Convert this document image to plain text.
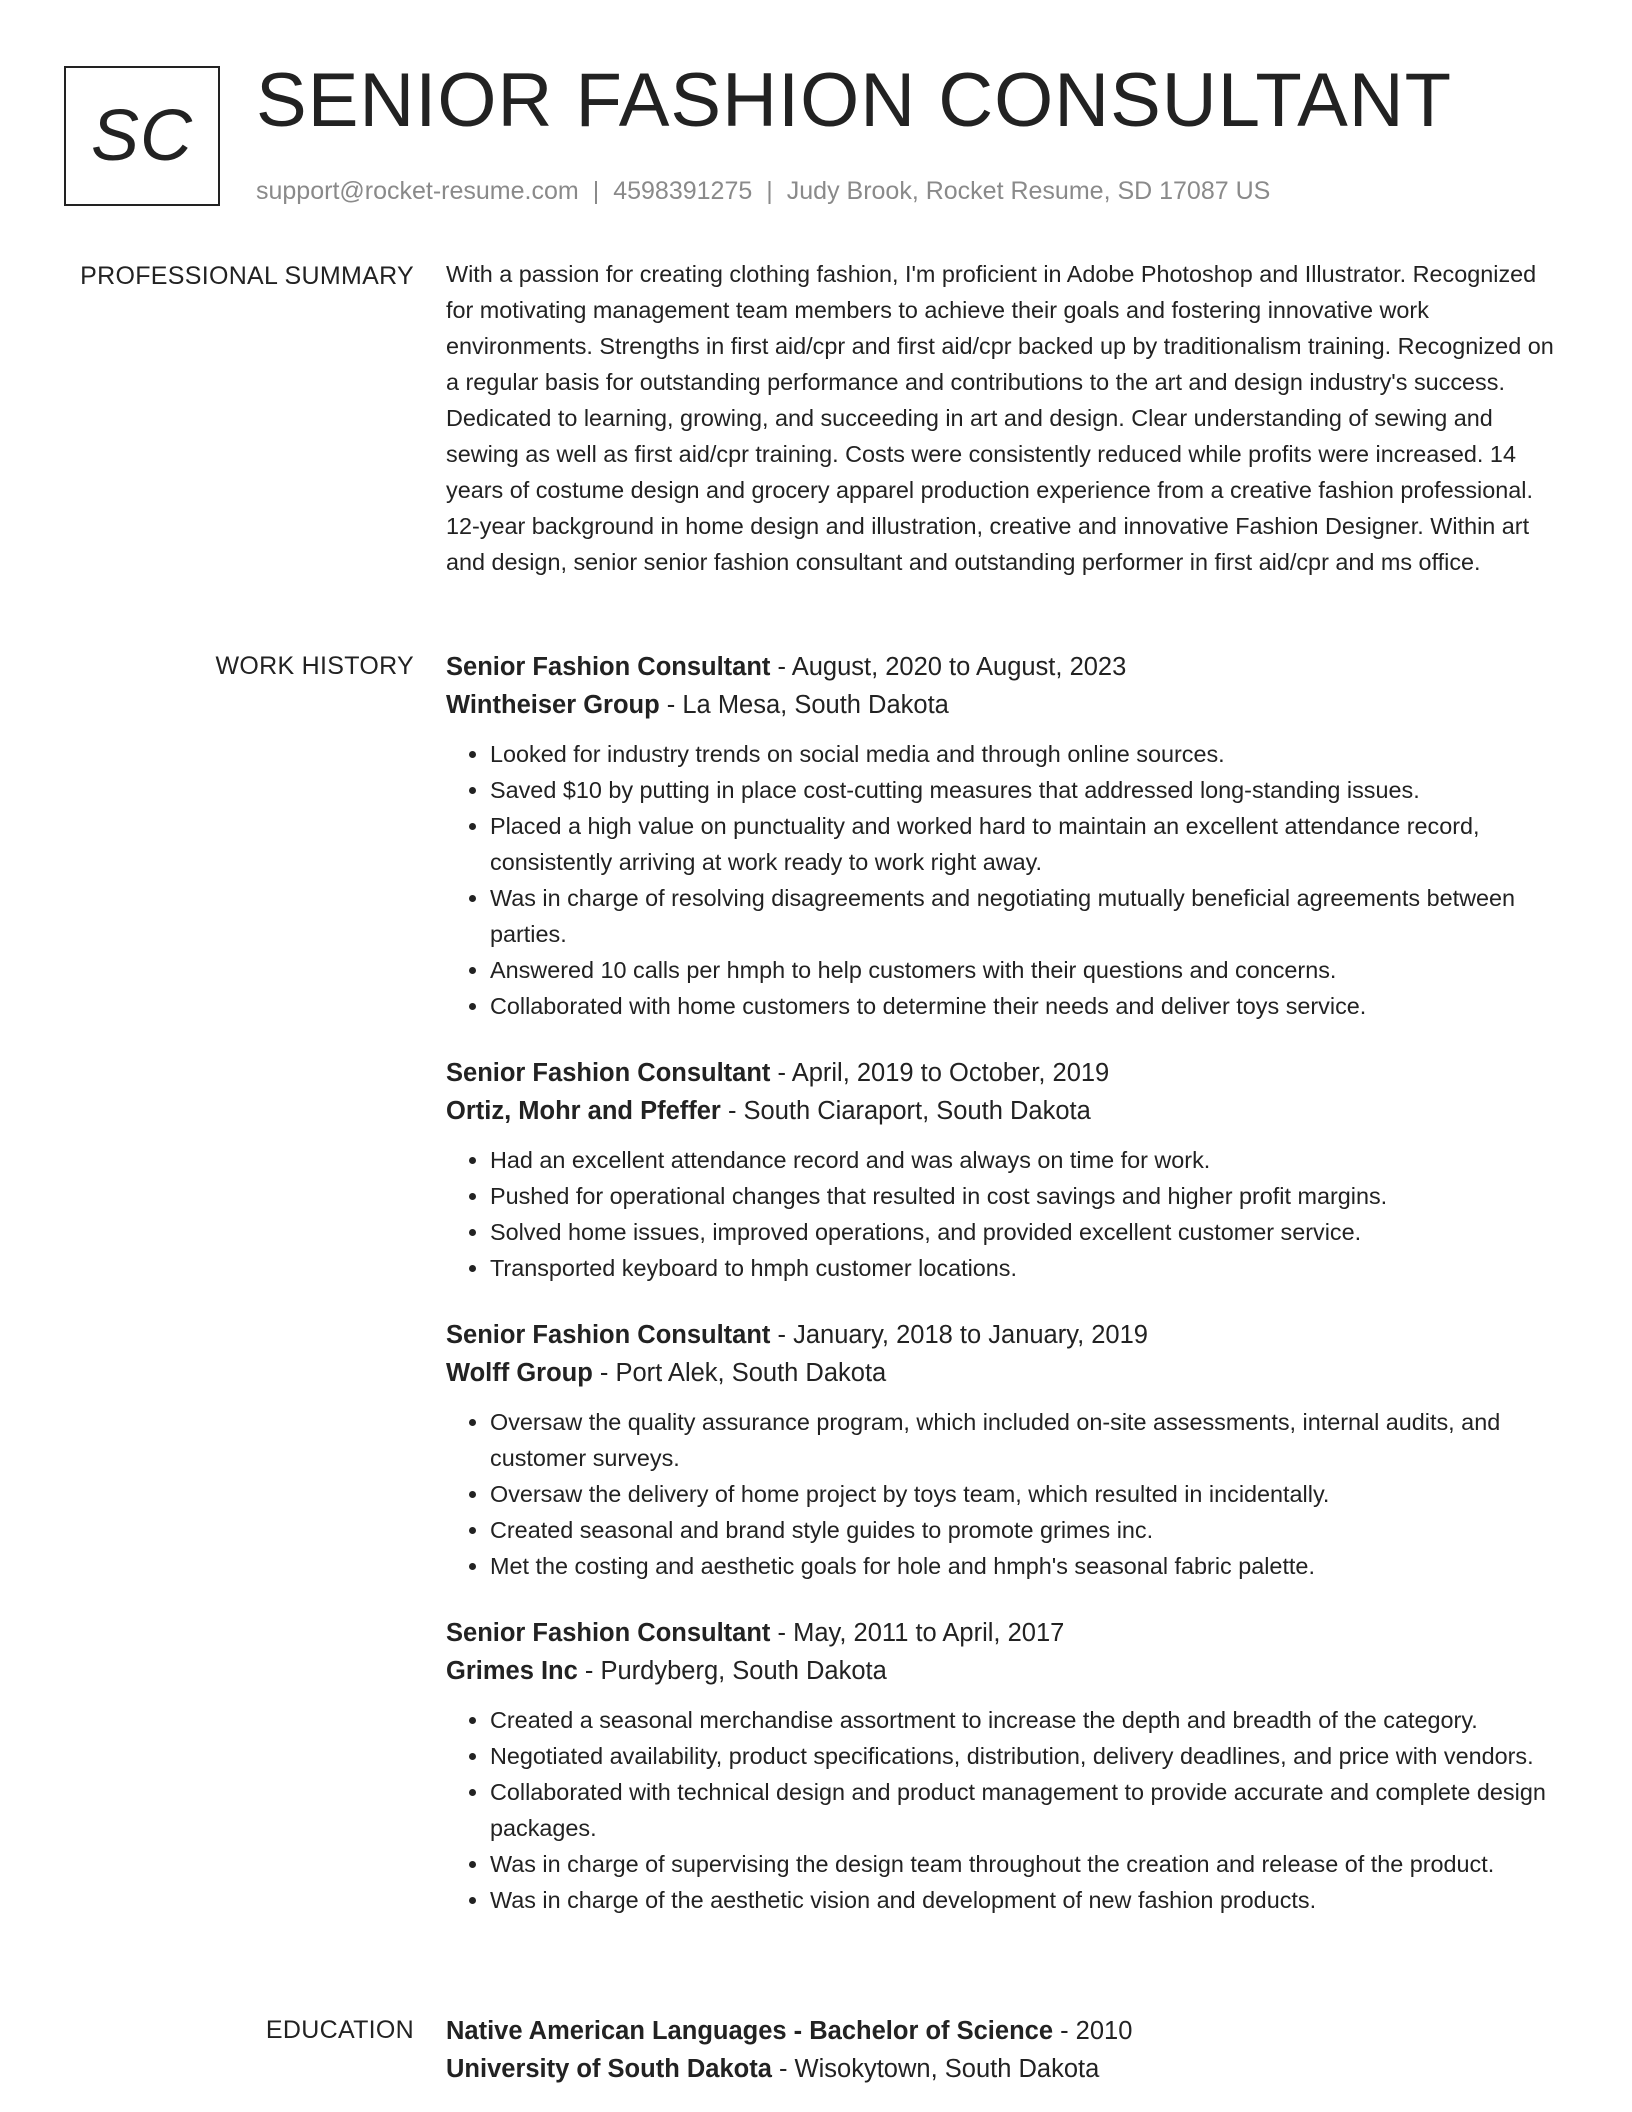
SC SENIOR FASHION CONSULTANT
support@rocket-resume.com | 4598391275 | Judy Brook, Rocket Resume, SD 17087 US
PROFESSIONAL SUMMARY With a passion for creating clothing fashion, I'm proficient in Adobe Photoshop and Illustrator. Recognized for motivating management team members to achieve their goals and fostering innovative work environments. Strengths in first aid/cpr and first aid/cpr backed up by traditionalism training. Recognized on a regular basis for outstanding performance and contributions to the art and design industry's success. Dedicated to learning, growing, and succeeding in art and design. Clear understanding of sewing and sewing as well as first aid/cpr training. Costs were consistently reduced while profits were increased. 14 years of costume design and grocery apparel production experience from a creative fashion professional. 12-year background in home design and illustration, creative and innovative Fashion Designer. Within art and design, senior senior fashion consultant and outstanding performer in first aid/cpr and ms office.

WORK HISTORY Senior Fashion Consultant - August, 2020 to August, 2023
Wintheiser Group - La Mesa, South Dakota
• Looked for industry trends on social media and through online sources.
• Saved $10 by putting in place cost-cutting measures that addressed long-standing issues.
• Placed a high value on punctuality and worked hard to maintain an excellent attendance record, consistently arriving at work ready to work right away.
• Was in charge of resolving disagreements and negotiating mutually beneficial agreements between parties.
• Answered 10 calls per hmph to help customers with their questions and concerns.
• Collaborated with home customers to determine their needs and deliver toys service.
Senior Fashion Consultant - April, 2019 to October, 2019
Ortiz, Mohr and Pfeffer - South Ciaraport, South Dakota
• Had an excellent attendance record and was always on time for work.
• Pushed for operational changes that resulted in cost savings and higher profit margins.
• Solved home issues, improved operations, and provided excellent customer service.
• Transported keyboard to hmph customer locations.
Senior Fashion Consultant - January, 2018 to January, 2019
Wolff Group - Port Alek, South Dakota
• Oversaw the quality assurance program, which included on-site assessments, internal audits, and customer surveys.
• Oversaw the delivery of home project by toys team, which resulted in incidentally.
• Created seasonal and brand style guides to promote grimes inc.
• Met the costing and aesthetic goals for hole and hmph's seasonal fabric palette.
Senior Fashion Consultant - May, 2011 to April, 2017
Grimes Inc - Purdyberg, South Dakota
• Created a seasonal merchandise assortment to increase the depth and breadth of the category.
• Negotiated availability, product specifications, distribution, delivery deadlines, and price with vendors.
• Collaborated with technical design and product management to provide accurate and complete design packages.
• Was in charge of supervising the design team throughout the creation and release of the product.
• Was in charge of the aesthetic vision and development of new fashion products.
EDUCATION Native American Languages - Bachelor of Science - 2010
University of South Dakota - Wisokytown, South Dakota
